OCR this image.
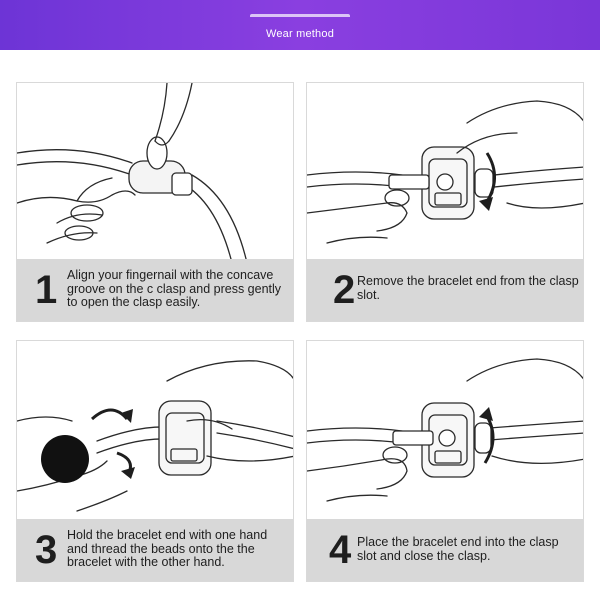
Wear method
1 Align your fingernail with the concave groove on the c clasp and press gently to open the clasp easily.	2 Remove the bracelet end from the clasp slot.
3 Hold the bracelet end with one hand and thread the beads onto the the bracelet with the other hand.	4 Place the bracelet end into the clasp slot and close the clasp.
